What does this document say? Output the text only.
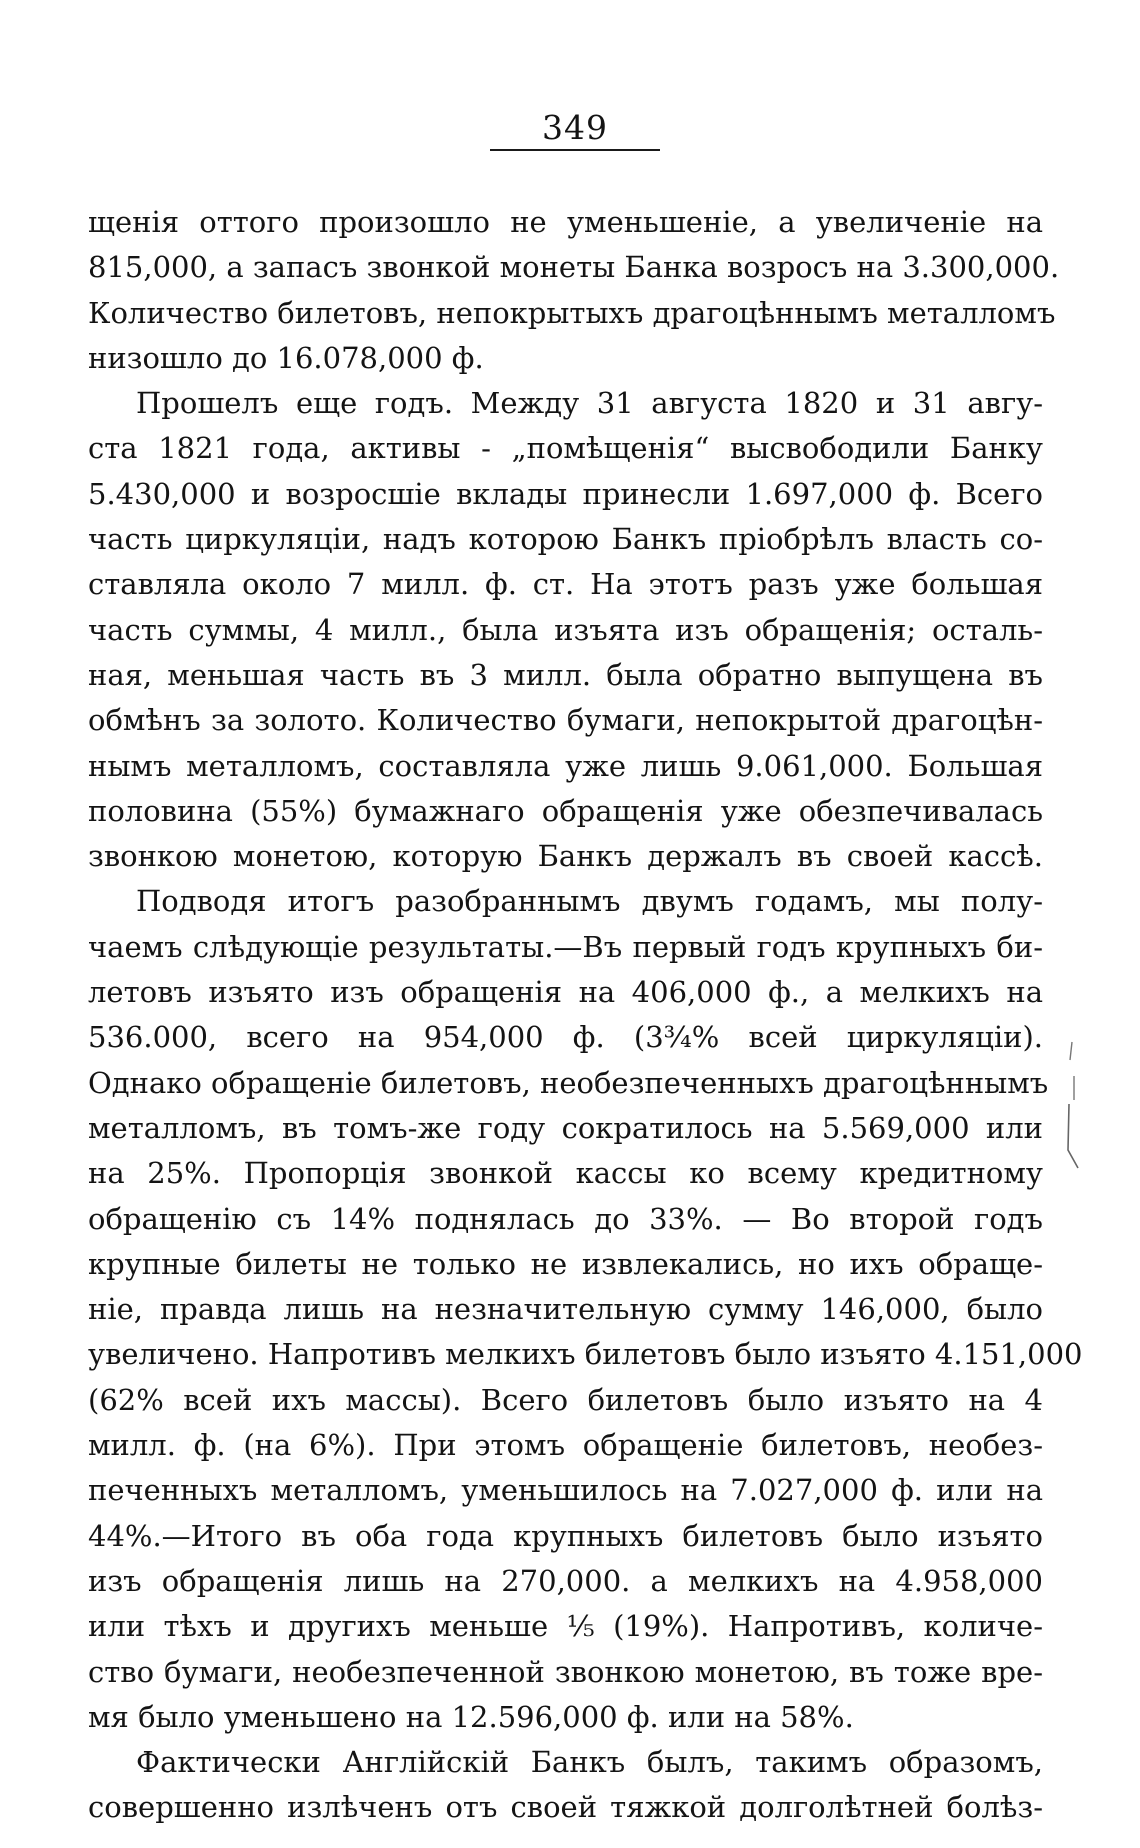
349
щенія оттого произошло не уменьшеніе, а увеличеніе на
815,000, а запасъ звонкой монеты Банка возросъ на 3.300,000.
Количество билетовъ, непокрытыхъ драгоцѣннымъ металломъ
низошло до 16.078,000 ф.
Прошелъ еще годъ. Между 31 августа 1820 и 31 авгу-
ста 1821 года, активы - „помѣщенія“ высвободили Банку
5.430,000 и возросшіе вклады принесли 1.697,000 ф. Всего
часть циркуляціи, надъ которою Банкъ пріобрѣлъ власть со-
ставляла около 7 милл. ф. ст. На этотъ разъ уже большая
часть суммы, 4 милл., была изъята изъ обращенія; осталь-
ная, меньшая часть въ 3 милл. была обратно выпущена въ
обмѣнъ за золото. Количество бумаги, непокрытой драгоцѣн-
нымъ металломъ, составляла уже лишь 9.061,000. Большая
половина (55%) бумажнаго обращенія уже обезпечивалась
звонкою монетою, которую Банкъ держалъ въ своей кассѣ.
Подводя итогъ разобраннымъ двумъ годамъ, мы полу-
чаемъ слѣдующіе результаты.—Въ первый годъ крупныхъ би-
летовъ изъято изъ обращенія на 406,000 ф., а мелкихъ на
536.000, всего на 954,000 ф. (3¾% всей циркуляціи).
Однако обращеніе билетовъ, необезпеченныхъ драгоцѣннымъ
металломъ, въ томъ-же году сократилось на 5.569,000 или
на 25%. Пропорція звонкой кассы ко всему кредитному
обращенію съ 14% поднялась до 33%. — Во второй годъ
крупные билеты не только не извлекались, но ихъ обраще-
ніе, правда лишь на незначительную сумму 146,000, было
увеличено. Напротивъ мелкихъ билетовъ было изъято 4.151,000
(62% всей ихъ массы). Всего билетовъ было изъято на 4
милл. ф. (на 6%). При этомъ обращеніе билетовъ, необез-
печенныхъ металломъ, уменьшилось на 7.027,000 ф. или на
44%.—Итого въ оба года крупныхъ билетовъ было изъято
изъ обращенія лишь на 270,000. а мелкихъ на 4.958,000
или тѣхъ и другихъ меньше ⅕ (19%). Напротивъ, количе-
ство бумаги, необезпеченной звонкою монетою, въ тоже вре-
мя было уменьшено на 12.596,000 ф. или на 58%.
Фактически Англійскій Банкъ былъ, такимъ образомъ,
совершенно излѣченъ отъ своей тяжкой долголѣтней болѣз-
